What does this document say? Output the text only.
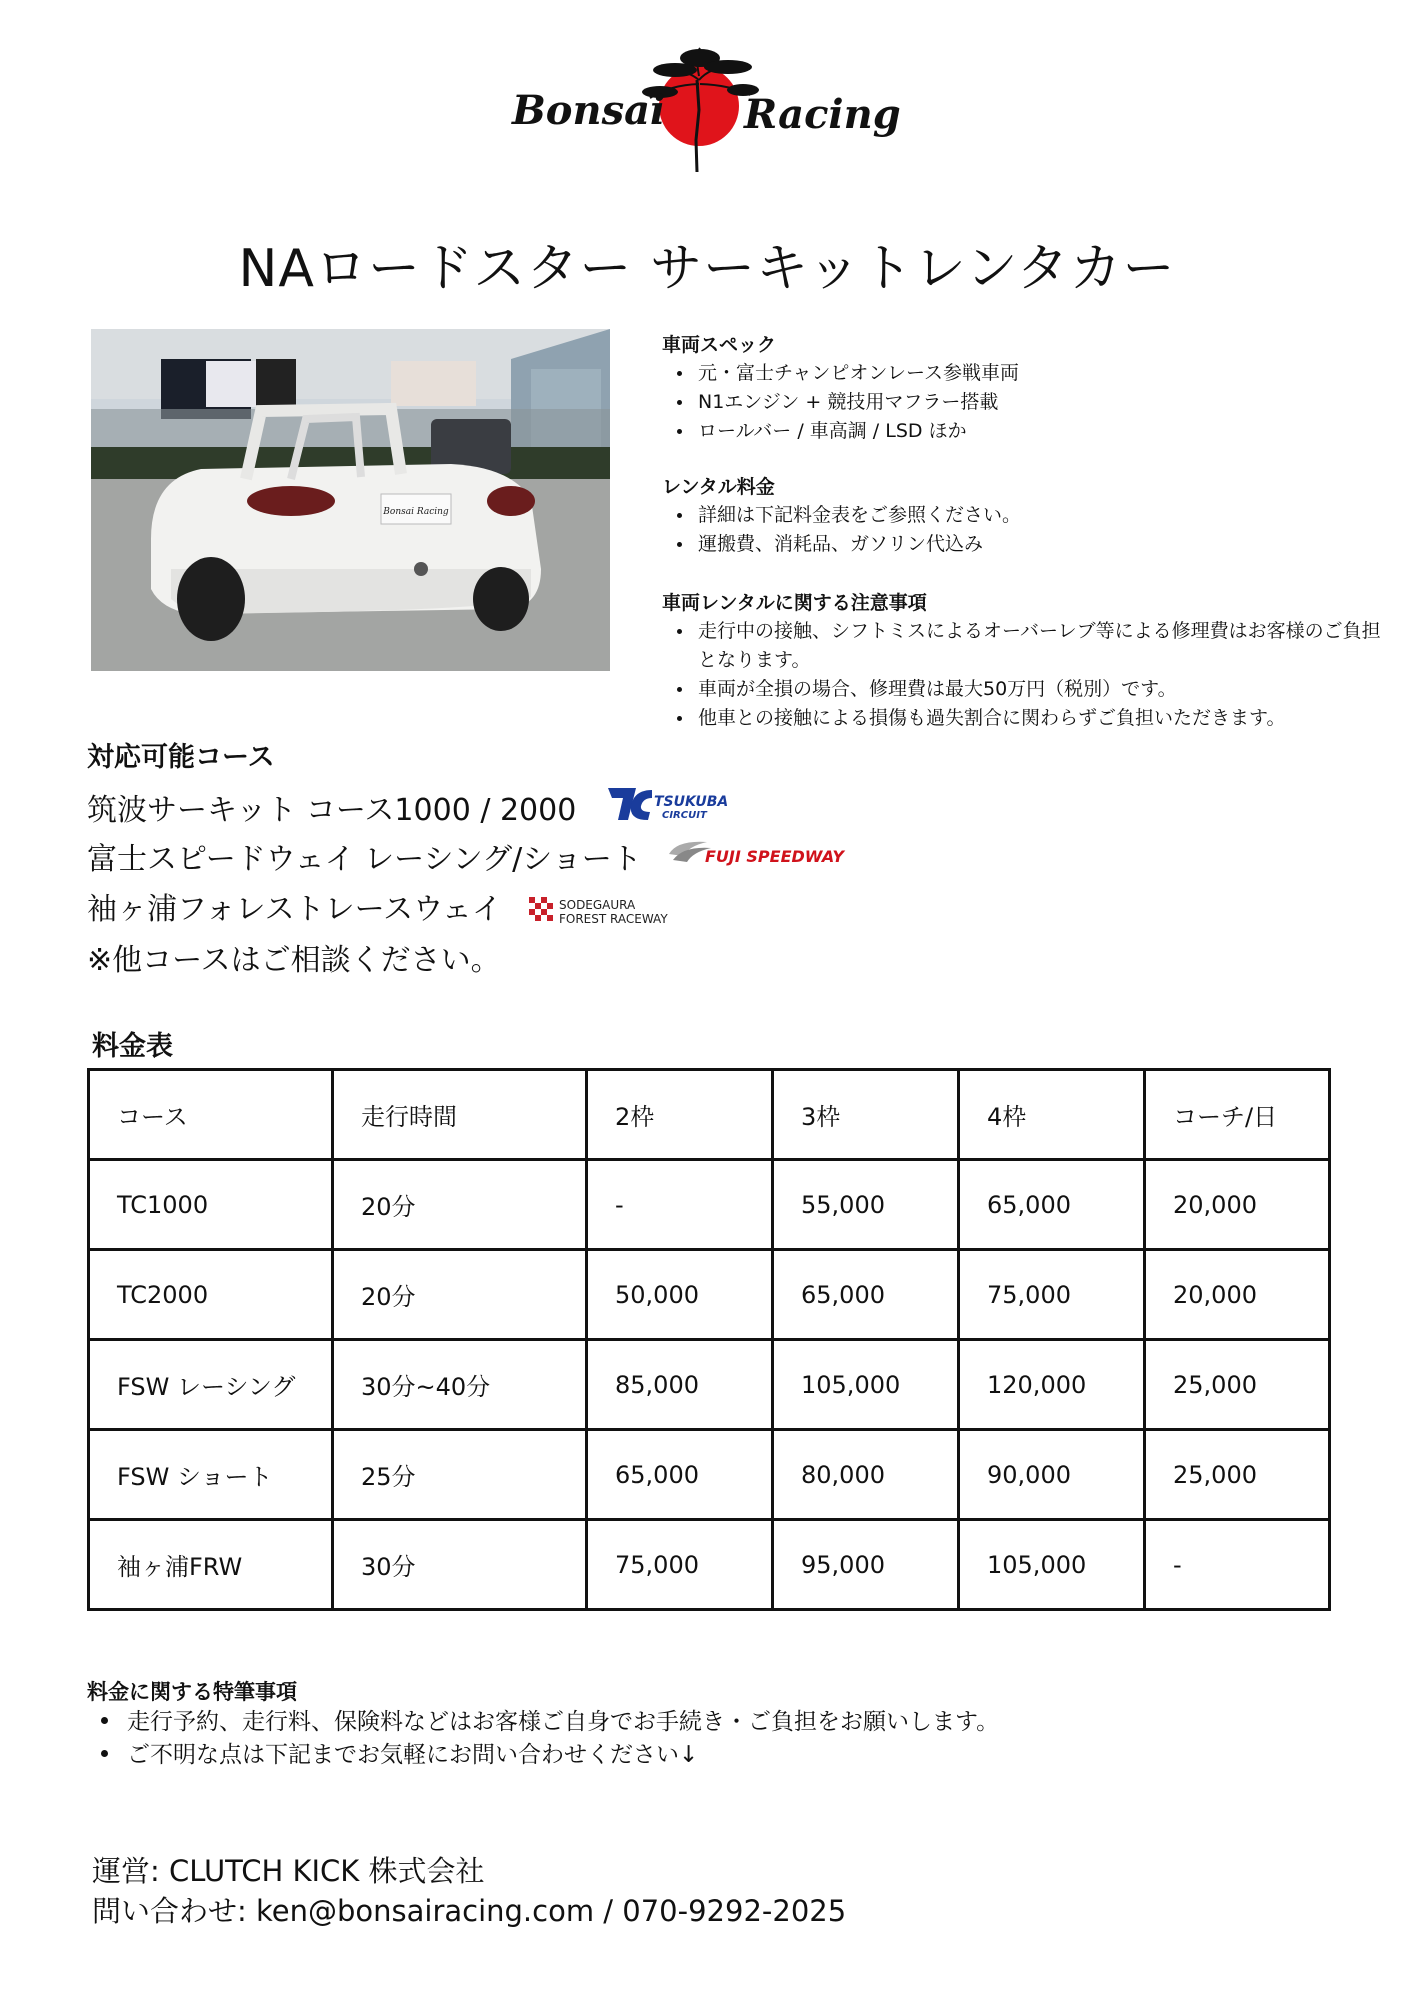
Bonsai Racing
NAロードスター サーキットレンタカー
Bonsai Racing
車両スペック
元・富士チャンピオンレース参戦車両
N1エンジン + 競技用マフラー搭載
ロールバー / 車高調 / LSD ほか
レンタル料金
詳細は下記料金表をご参照ください。
運搬費、消耗品、ガソリン代込み
車両レンタルに関する注意事項
走行中の接触、シフトミスによるオーバーレブ等による修理費はお客様のご負担となります。
車両が全損の場合、修理費は最大50万円（税別）です。
他車との接触による損傷も過失割合に関わらずご負担いただきます。
対応可能コース
筑波サーキット コース1000 / 2000	TSUKUBA
CIRCUIT
富士スピードウェイ レーシング/ショート	FUJI SPEEDWAY
袖ヶ浦フォレストレースウェイ	SODEGAURA
FOREST RACEWAY
※他コースはご相談ください。
料金表
コース	走行時間	2枠	3枠	4枠	コーチ/日
TC1000	20分	-	55,000	65,000	20,000
TC2000	20分	50,000	65,000	75,000	20,000
FSW レーシング	30分~40分	85,000	105,000	120,000	25,000
FSW ショート	25分	65,000	80,000	90,000	25,000
袖ヶ浦FRW	30分	75,000	95,000	105,000	-
料金に関する特筆事項
走行予約、走行料、保険料などはお客様ご自身でお手続き・ご負担をお願いします。
ご不明な点は下記までお気軽にお問い合わせください↓
運営: CLUTCH KICK 株式会社
問い合わせ: ken@bonsairacing.com / 070-9292-2025
